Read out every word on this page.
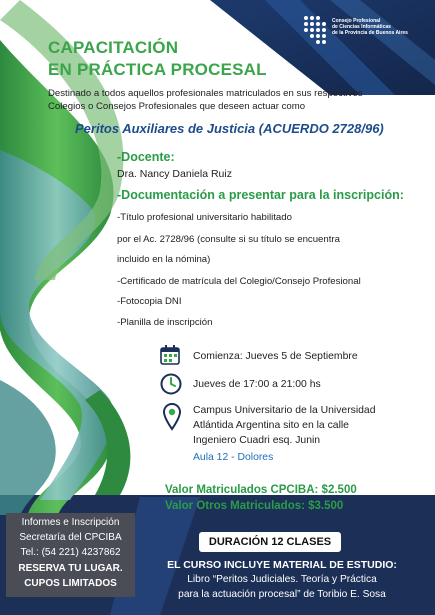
Consejo Profesional
de Ciencias Informáticas
de la Provincia de Buenos Aires
CAPACITACIÓN
EN PRÁCTICA PROCESAL
Destinado a todos aquellos profesionales matriculados en sus respectivos Colegios o Consejos Profesionales que deseen actuar como
Peritos Auxiliares de Justicia (ACUERDO 2728/96)
-Docente:
Dra. Nancy Daniela Ruiz
-Documentación a presentar para la inscripción:
-Título profesional universitario habilitado
por el Ac. 2728/96 (consulte si su título se encuentra
incluido en la nómina)
-Certificado de matrícula del Colegio/Consejo Profesional
-Fotocopia DNI
-Planilla de inscripción
Comienza: Jueves 5 de Septiembre
Jueves de 17:00 a 21:00 hs
Campus Universitario de la Universidad
Atlántida Argentina sito en la calle
Ingeniero Cuadri esq. Junin
Aula 12 - Dolores
Valor Matriculados CPCIBA: $2.500
Valor Otros Matriculados: $3.500
DURACIÓN 12 CLASES
EL CURSO INCLUYE MATERIAL DE ESTUDIO:
Libro “Peritos Judiciales. Teoría y Práctica
para la actuación procesal” de Toribio E. Sosa
Informes e Inscripción
Secretaría del CPCIBA
Tel.: (54 221) 4237862
RESERVA TU LUGAR.
CUPOS LIMITADOS
